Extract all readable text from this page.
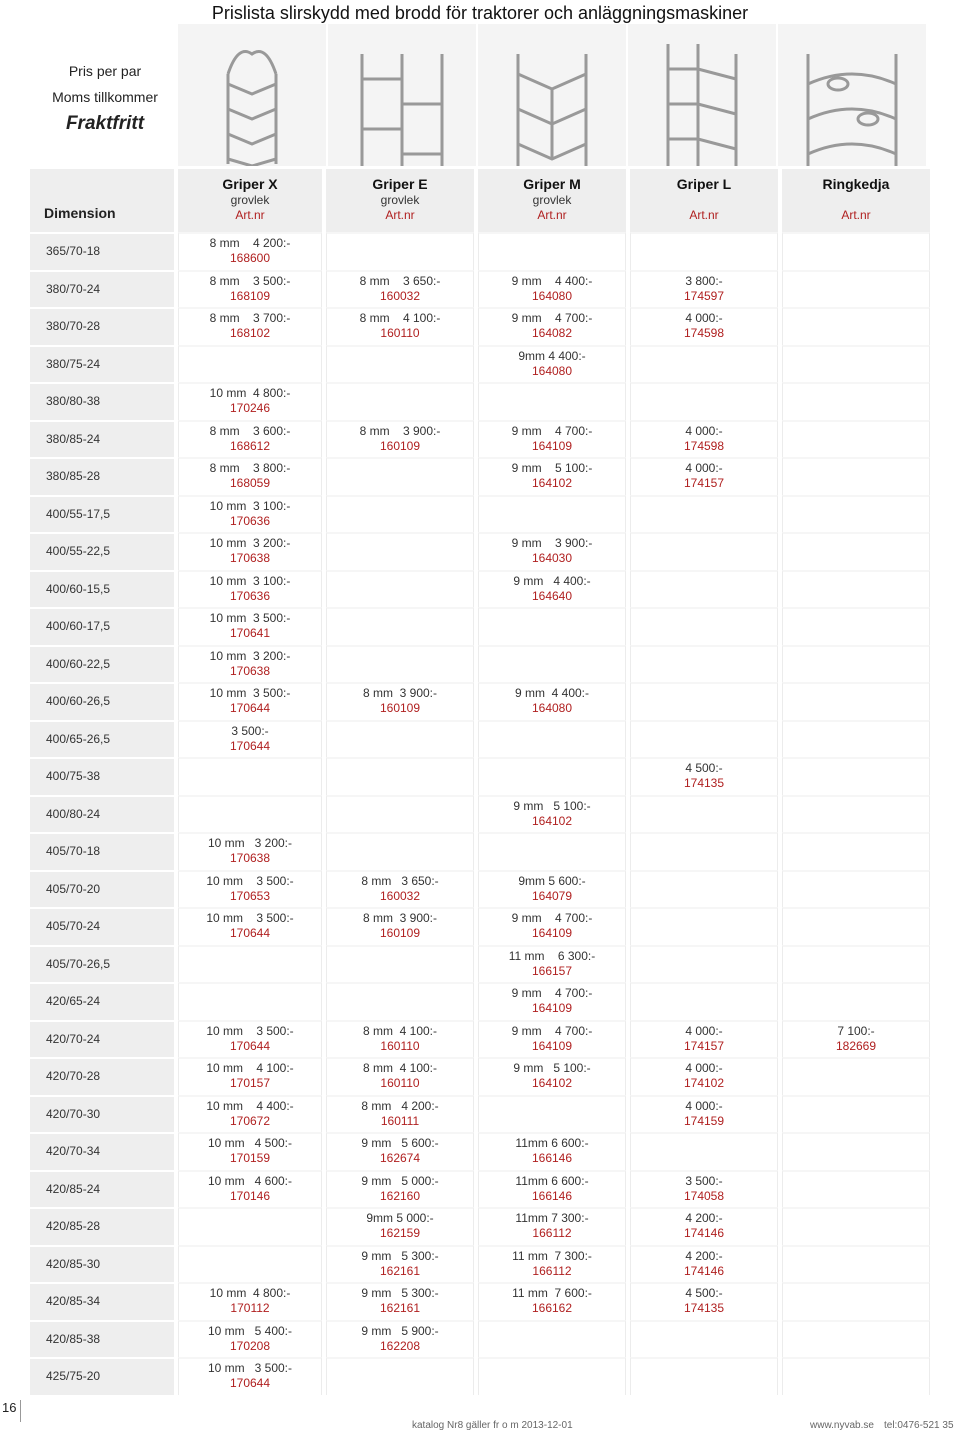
Prislista slirskydd med brodd för traktorer och anläggningsmaskiner
Pris per par
Moms tillkommer
Fraktfritt
Dimension
Griper X
grovlek
Art.nr
Griper E
grovlek
Art.nr
Griper M
grovlek
Art.nr
Griper L

Art.nr
Ringkedja

Art.nr
365/70-18
8 mm    4 200:-
168600
380/70-24
8 mm    3 500:-
168109
8 mm    3 650:-
160032
9 mm    4 400:-
164080
3 800:-
174597
380/70-28
8 mm    3 700:-
168102
8 mm    4 100:-
160110
9 mm    4 700:-
164082
4 000:-
174598
380/75-24
9mm 4 400:-
164080
380/80-38
10 mm  4 800:-
170246
380/85-24
8 mm    3 600:-
168612
8 mm    3 900:-
160109
9 mm    4 700:-
164109
4 000:-
174598
380/85-28
8 mm    3 800:-
168059
9 mm    5 100:-
164102
4 000:-
174157
400/55-17,5
10 mm  3 100:-
170636
400/55-22,5
10 mm  3 200:-
170638
9 mm    3 900:-
164030
400/60-15,5
10 mm  3 100:-
170636
9 mm   4 400:-
164640
400/60-17,5
10 mm  3 500:-
170641
400/60-22,5
10 mm  3 200:-
170638
400/60-26,5
10 mm  3 500:-
170644
8 mm  3 900:-
160109
9 mm  4 400:-
164080
400/65-26,5
3 500:-
170644
400/75-38
4 500:-
174135
400/80-24
9 mm   5 100:-
164102
405/70-18
10 mm   3 200:-
170638
405/70-20
10 mm    3 500:-
170653
8 mm   3 650:-
160032
9mm 5 600:-
164079
405/70-24
10 mm    3 500:-
170644
8 mm  3 900:-
160109
9 mm    4 700:-
164109
405/70-26,5
11 mm    6 300:-
166157
420/65-24
9 mm    4 700:-
164109
420/70-24
10 mm    3 500:-
170644
8 mm  4 100:-
160110
9 mm    4 700:-
164109
4 000:-
174157
7 100:-
182669
420/70-28
10 mm    4 100:-
170157
8 mm  4 100:-
160110
9 mm   5 100:-
164102
4 000:-
174102
420/70-30
10 mm    4 400:-
170672
8 mm   4 200:-
160111
4 000:-
174159
420/70-34
10 mm   4 500:-
170159
9 mm   5 600:-
162674
11mm 6 600:-
166146
420/85-24
10 mm   4 600:-
170146
9 mm   5 000:-
162160
11mm 6 600:-
166146
3 500:-
174058
420/85-28
9mm 5 000:-
162159
11mm 7 300:-
166112
4 200:-
174146
420/85-30
9 mm   5 300:-
162161
11 mm  7 300:-
166112
4 200:-
174146
420/85-34
10 mm  4 800:-
170112
9 mm   5 300:-
162161
11 mm  7 600:-
166162
4 500:-
174135
420/85-38
10 mm   5 400:-
170208
9 mm   5 900:-
162208
425/75-20
10 mm   3 500:-
170644
16
katalog Nr8 gäller fr o m 2013-12-01	www.nyvab.se tel:0476-521 35
